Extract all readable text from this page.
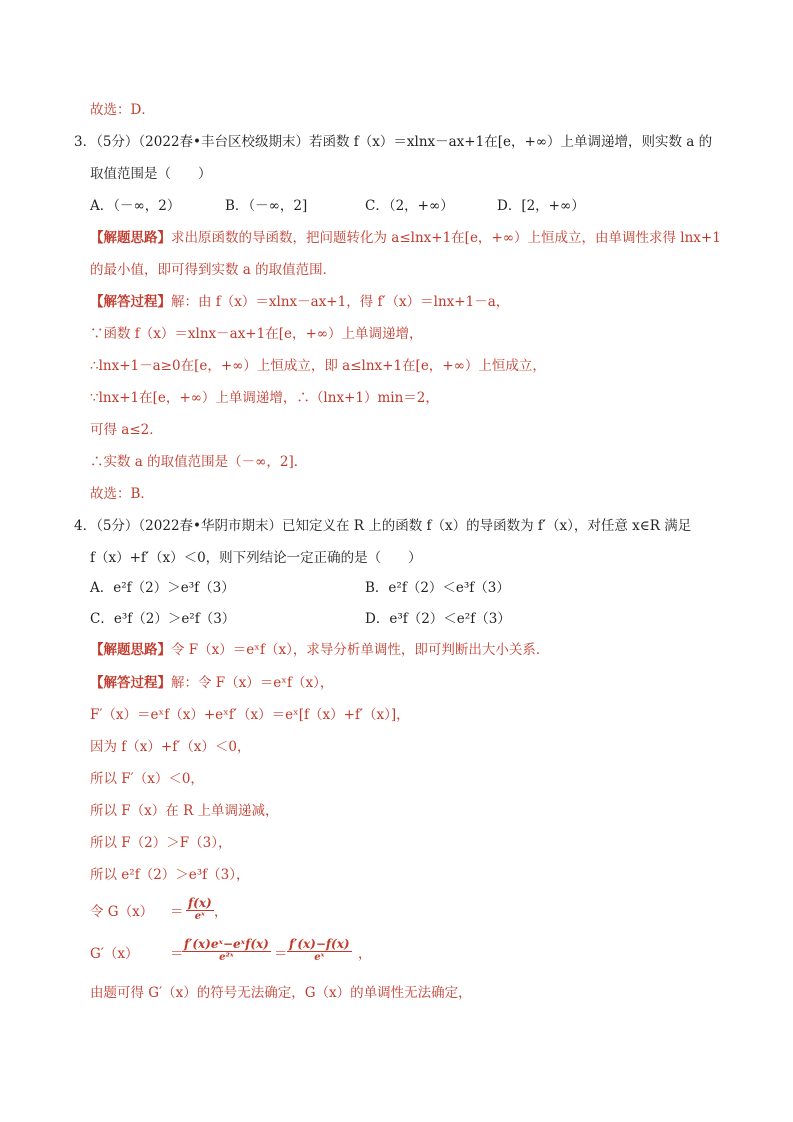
故选：D．
3．（5分）（2022春•丰台区校级期末）若函数 f（x）＝xlnx－ax+1在[e，+∞）上单调递增，则实数 a 的
取值范围是（　　）
A．（－∞，2）	B．（－∞，2]	C．（2，+∞）	D．[2，+∞）
【解题思路】求出原函数的导函数，把问题转化为 a≤lnx+1在[e，+∞）上恒成立，由单调性求得 lnx+1
的最小值，即可得到实数 a 的取值范围．
【解答过程】解：由 f（x）＝xlnx－ax+1，得 f′（x）＝lnx+1－a，
∵函数 f（x）＝xlnx－ax+1在[e，+∞）上单调递增，
∴lnx+1－a≥0在[e，+∞）上恒成立，即 a≤lnx+1在[e，+∞）上恒成立，
∵lnx+1在[e，+∞）上单调递增，∴（lnx+1）min＝2，
可得 a≤2．
∴实数 a 的取值范围是（－∞，2]．
故选：B．
4．（5分）（2022春•华阴市期末）已知定义在 R 上的函数 f（x）的导函数为 f′（x），对任意 x∈R 满足
f（x）+f′（x）＜0，则下列结论一定正确的是（　　）
A．e²f（2）＞e³f（3）	B．e²f（2）＜e³f（3）
C．e³f（2）＞e²f（3）	D．e³f（2）＜e²f（3）
【解题思路】令 F（x）＝eˣf（x），求导分析单调性，即可判断出大小关系．
【解答过程】解：令 F（x）＝eˣf（x），
F′（x）＝eˣf（x）+eˣf′（x）＝eˣ[f（x）+f′（x）]，
因为 f（x）+f′（x）＜0，
所以 F′（x）＜0，
所以 F（x）在 R 上单调递减，
所以 F（2）＞F（3），
所以 e²f（2）＞e³f（3），
令 G（x） ＝
f(x)
eˣ ，
G′（x） ＝
f′(x)eˣ−eˣf(x)
e²ˣ	＝
f′(x)−f(x)
eˣ	，
由题可得 G′（x）的符号无法确定，G（x）的单调性无法确定，
